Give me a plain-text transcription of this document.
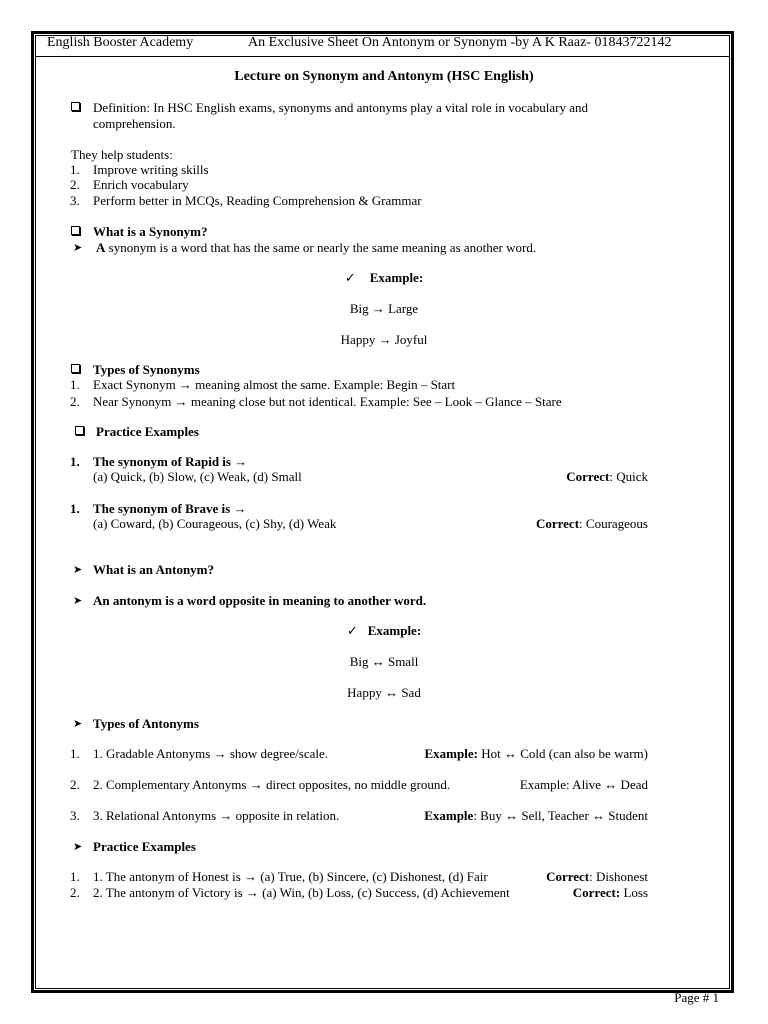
English Booster Academy	An Exclusive Sheet On Antonym or Synonym -by A K Raaz- 01843722142
Lecture on Synonym and Antonym (HSC English)
Definition: In HSC English exams, synonyms and antonyms play a vital role in vocabulary and
comprehension.
They help students:
1. Improve writing skills
2. Enrich vocabulary
3. Perform better in MCQs, Reading Comprehension & Grammar
What is a Synonym?
➤ A synonym is a word that has the same or nearly the same meaning as another word.
✓ Example:
Big → Large
Happy → Joyful
Types of Synonyms
1. Exact Synonym → meaning almost the same. Example: Begin – Start
2. Near Synonym → meaning close but not identical. Example: See – Look – Glance – Stare
Practice Examples
1. The synonym of Rapid is →
(a) Quick, (b) Slow, (c) Weak, (d) Small	Correct: Quick
1. The synonym of Brave is →
(a) Coward, (b) Courageous, (c) Shy, (d) Weak	Correct: Courageous
➤ What is an Antonym?
➤ An antonym is a word opposite in meaning to another word.
✓ Example:
Big ↔ Small
Happy ↔ Sad
➤ Types of Antonyms
1. 1. Gradable Antonyms → show degree/scale.	Example: Hot ↔ Cold (can also be warm)
2. 2. Complementary Antonyms → direct opposites, no middle ground.	Example: Alive ↔ Dead
3. 3. Relational Antonyms → opposite in relation.	Example: Buy ↔ Sell, Teacher ↔ Student
➤ Practice Examples
1. 1. The antonym of Honest is → (a) True, (b) Sincere, (c) Dishonest, (d) Fair	Correct: Dishonest
2. 2. The antonym of Victory is → (a) Win, (b) Loss, (c) Success, (d) Achievement	Correct: Loss
Page # 1
